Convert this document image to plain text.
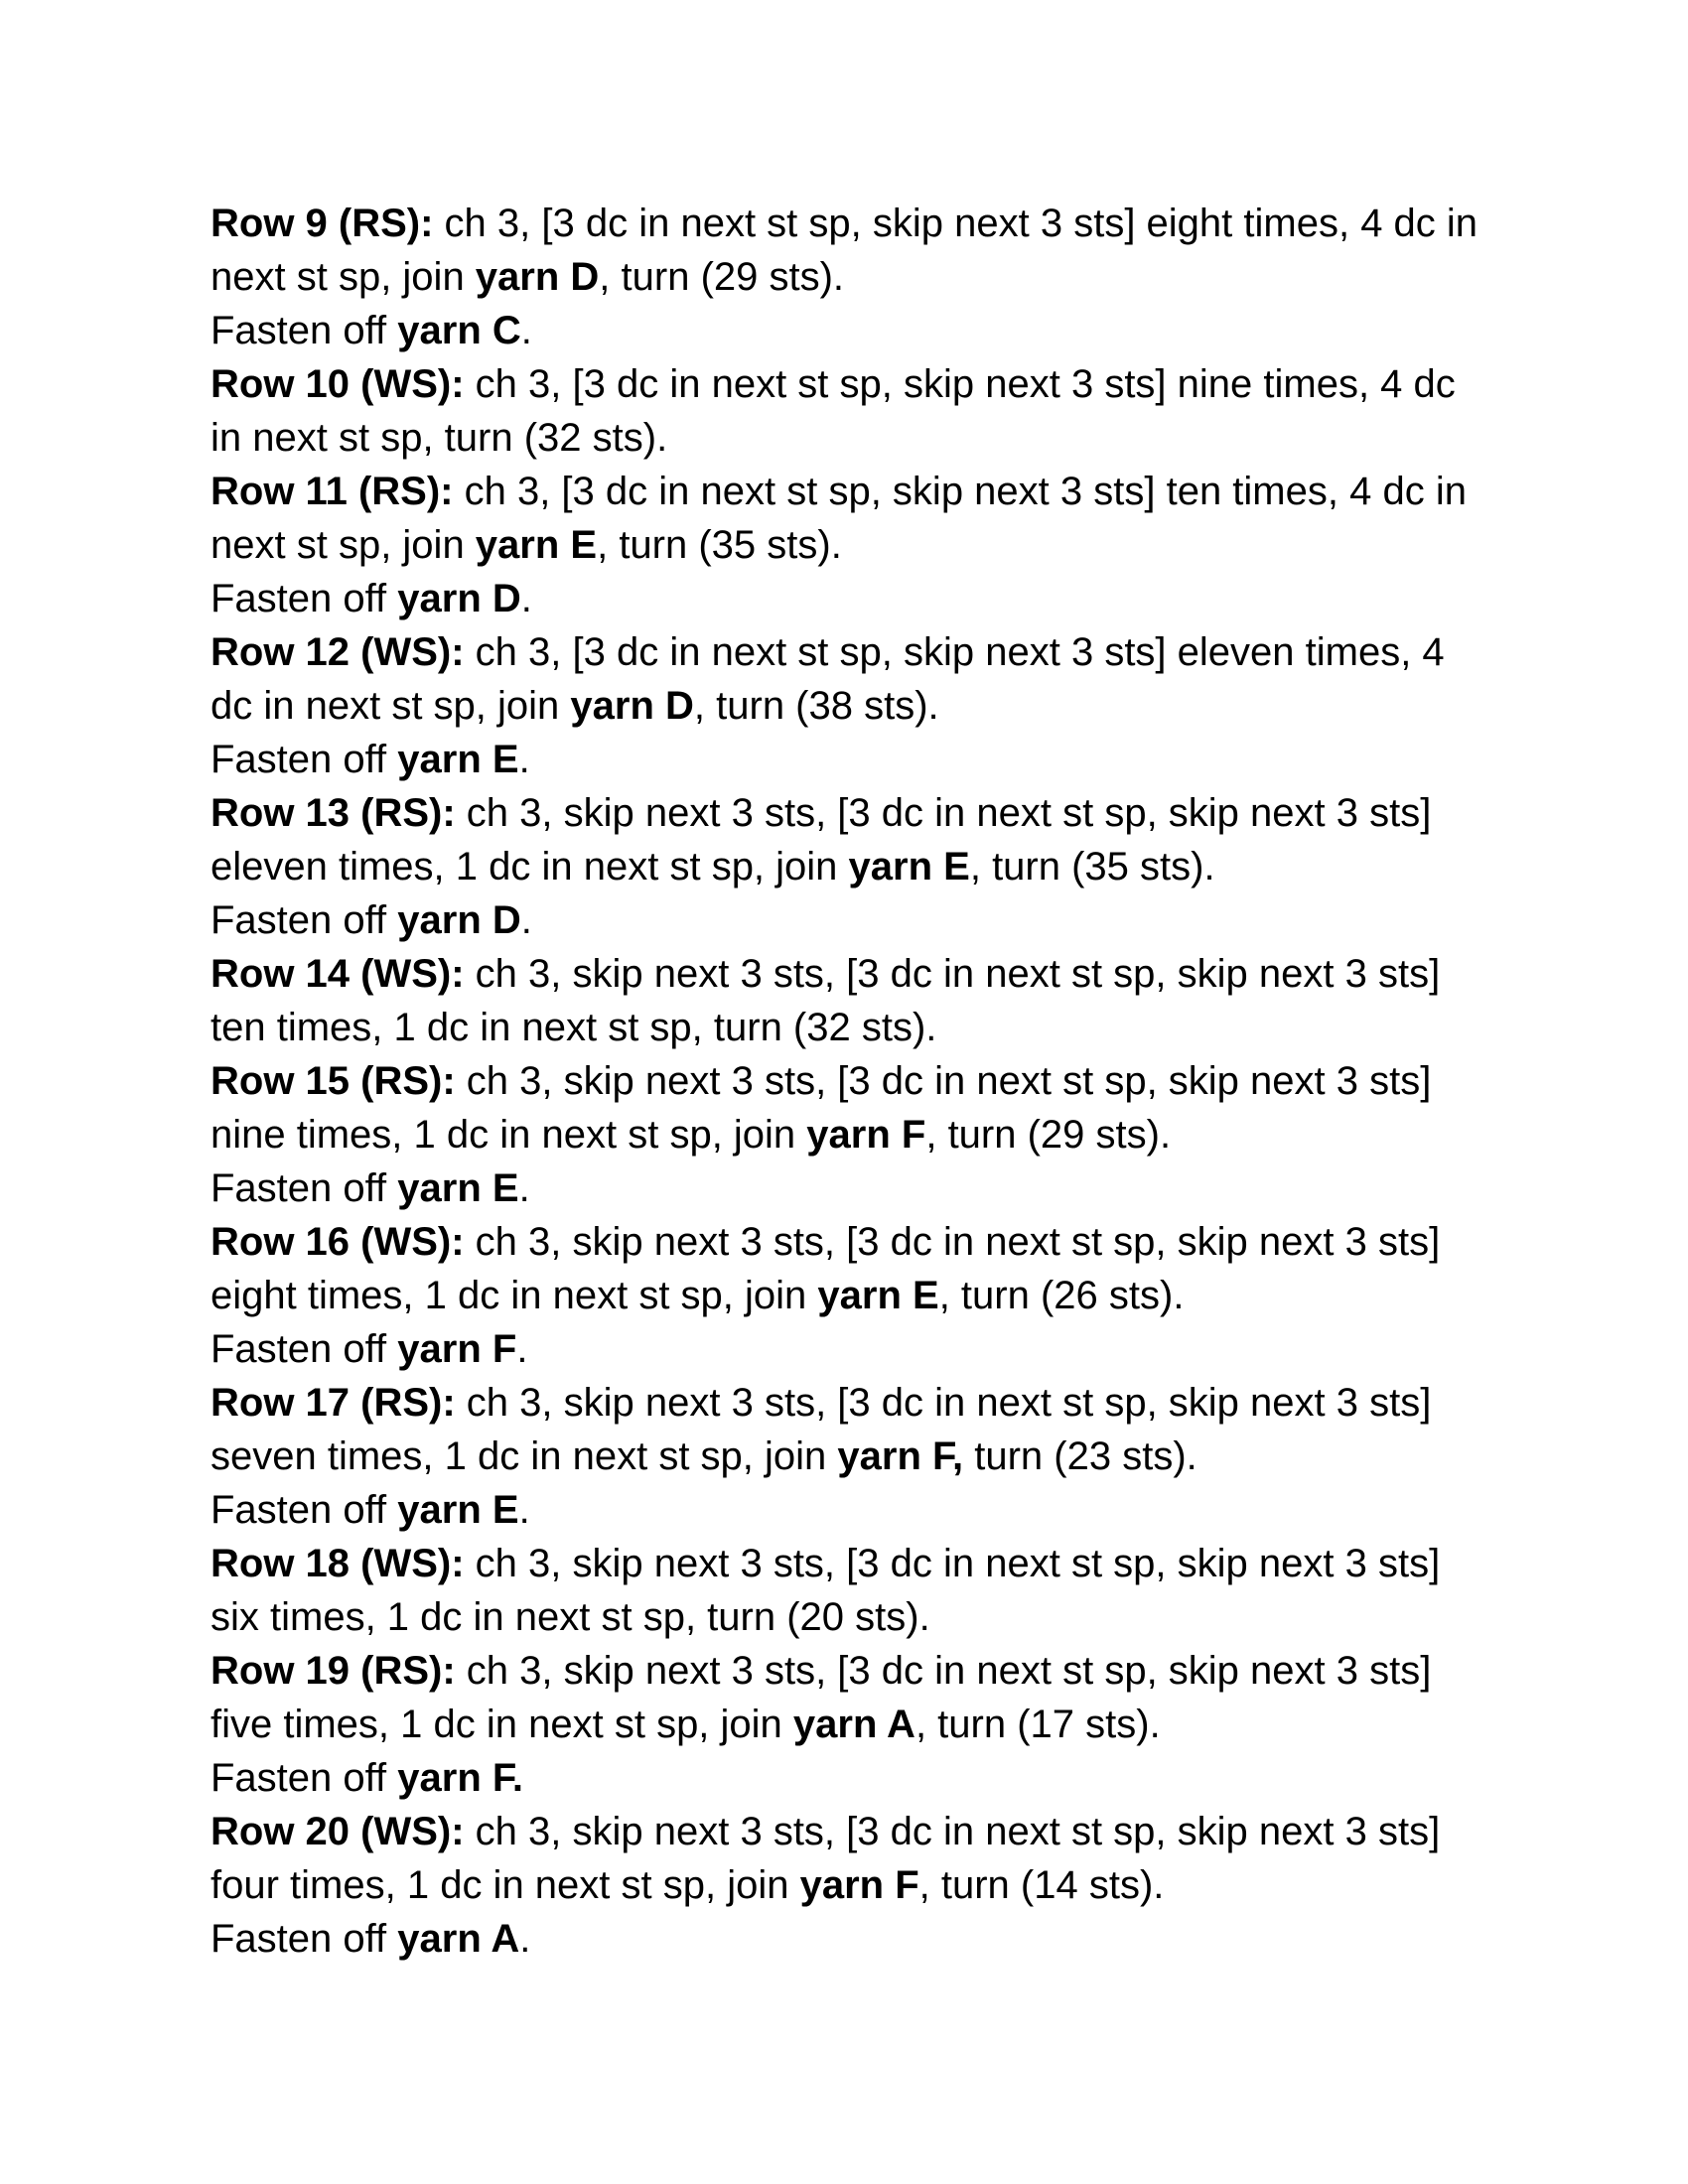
Row 9 (RS): ch 3, [3 dc in next st sp, skip next 3 sts] eight times, 4 dc in next st sp, join yarn D, turn (29 sts).

Fasten off yarn C.

Row 10 (WS): ch 3, [3 dc in next st sp, skip next 3 sts] nine times, 4 dc in next st sp, turn (32 sts).

Row 11 (RS): ch 3, [3 dc in next st sp, skip next 3 sts] ten times, 4 dc in next st sp, join yarn E, turn (35 sts).

Fasten off yarn D.

Row 12 (WS): ch 3, [3 dc in next st sp, skip next 3 sts] eleven times, 4 dc in next st sp, join yarn D, turn (38 sts).

Fasten off yarn E.

Row 13 (RS): ch 3, skip next 3 sts, [3 dc in next st sp, skip next 3 sts] eleven times, 1 dc in next st sp, join yarn E, turn (35 sts).

Fasten off yarn D.

Row 14 (WS): ch 3, skip next 3 sts, [3 dc in next st sp, skip next 3 sts] ten times, 1 dc in next st sp, turn (32 sts).

Row 15 (RS): ch 3, skip next 3 sts, [3 dc in next st sp, skip next 3 sts] nine times, 1 dc in next st sp, join yarn F, turn (29 sts).

Fasten off yarn E.

Row 16 (WS): ch 3, skip next 3 sts, [3 dc in next st sp, skip next 3 sts] eight times, 1 dc in next st sp, join yarn E, turn (26 sts).

Fasten off yarn F.

Row 17 (RS): ch 3, skip next 3 sts, [3 dc in next st sp, skip next 3 sts] seven times, 1 dc in next st sp, join yarn F, turn (23 sts).

Fasten off yarn E.

Row 18 (WS): ch 3, skip next 3 sts, [3 dc in next st sp, skip next 3 sts] six times, 1 dc in next st sp, turn (20 sts).

Row 19 (RS): ch 3, skip next 3 sts, [3 dc in next st sp, skip next 3 sts] five times, 1 dc in next st sp, join yarn A, turn (17 sts).

Fasten off yarn F.

Row 20 (WS): ch 3, skip next 3 sts, [3 dc in next st sp, skip next 3 sts] four times, 1 dc in next st sp, join yarn F, turn (14 sts).

Fasten off yarn A.
